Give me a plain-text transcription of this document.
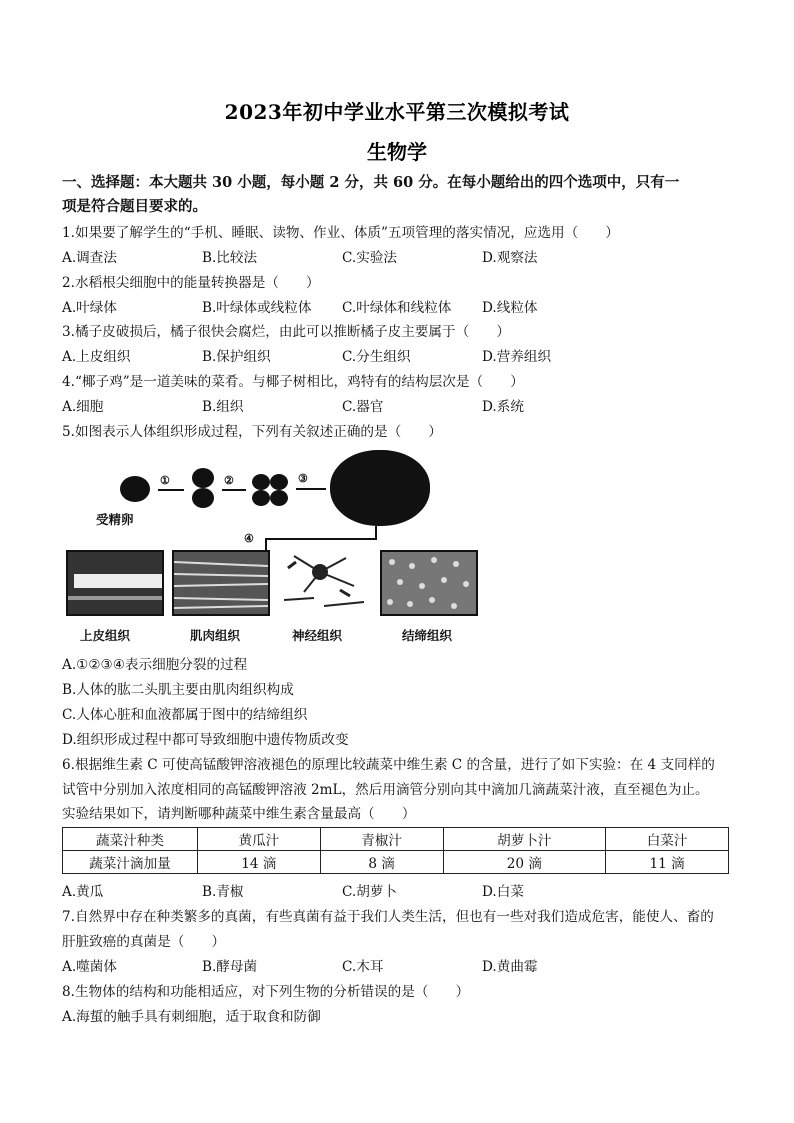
2023年初中学业水平第三次模拟考试
生物学
一、选择题：本大题共 30 小题，每小题 2 分，共 60 分。在每小题给出的四个选项中，只有一
项是符合题目要求的。
1.如果要了解学生的“手机、睡眠、读物、作业、体质”五项管理的落实情况，应选用（　　）
A.调查法	B.比较法	C.实验法	D.观察法
2.水稻根尖细胞中的能量转换器是（　　）
A.叶绿体	B.叶绿体或线粒体 C.叶绿体和线粒体 D.线粒体
3.橘子皮破损后，橘子很快会腐烂，由此可以推断橘子皮主要属于（　　）
A.上皮组织	B.保护组织	C.分生组织	D.营养组织
4.“椰子鸡”是一道美味的菜肴。与椰子树相比，鸡特有的结构层次是（　　）
A.细胞	B.组织	C.器官	D.系统
5.如图表示人体组织形成过程，下列有关叙述正确的是（　　）
受精卵
①	②	③
④
上皮组织	肌肉组织	神经组织	结缔组织
A.①②③④表示细胞分裂的过程
B.人体的肱二头肌主要由肌肉组织构成
C.人体心脏和血液都属于图中的结缔组织
D.组织形成过程中都可导致细胞中遗传物质改变
6.根据维生素 C 可使高锰酸钾溶液褪色的原理比较蔬菜中维生素 C 的含量，进行了如下实验：在 4 支同样的
试管中分别加入浓度相同的高锰酸钾溶液 2mL，然后用滴管分别向其中滴加几滴蔬菜汁液，直至褪色为止。
实验结果如下，请判断哪种蔬菜中维生素含量最高（　　）
蔬菜汁种类	黄瓜汁	青椒汁	胡萝卜汁	白菜汁
蔬菜汁滴加量	14 滴	8 滴	20 滴	11 滴
A.黄瓜	B.青椒	C.胡萝卜	D.白菜
7.自然界中存在种类繁多的真菌，有些真菌有益于我们人类生活，但也有一些对我们造成危害，能使人、畜的
肝脏致癌的真菌是（　　）
A.噬菌体	B.酵母菌	C.木耳	D.黄曲霉
8.生物体的结构和功能相适应，对下列生物的分析错误的是（　　）
A.海蜇的触手具有刺细胞，适于取食和防御
